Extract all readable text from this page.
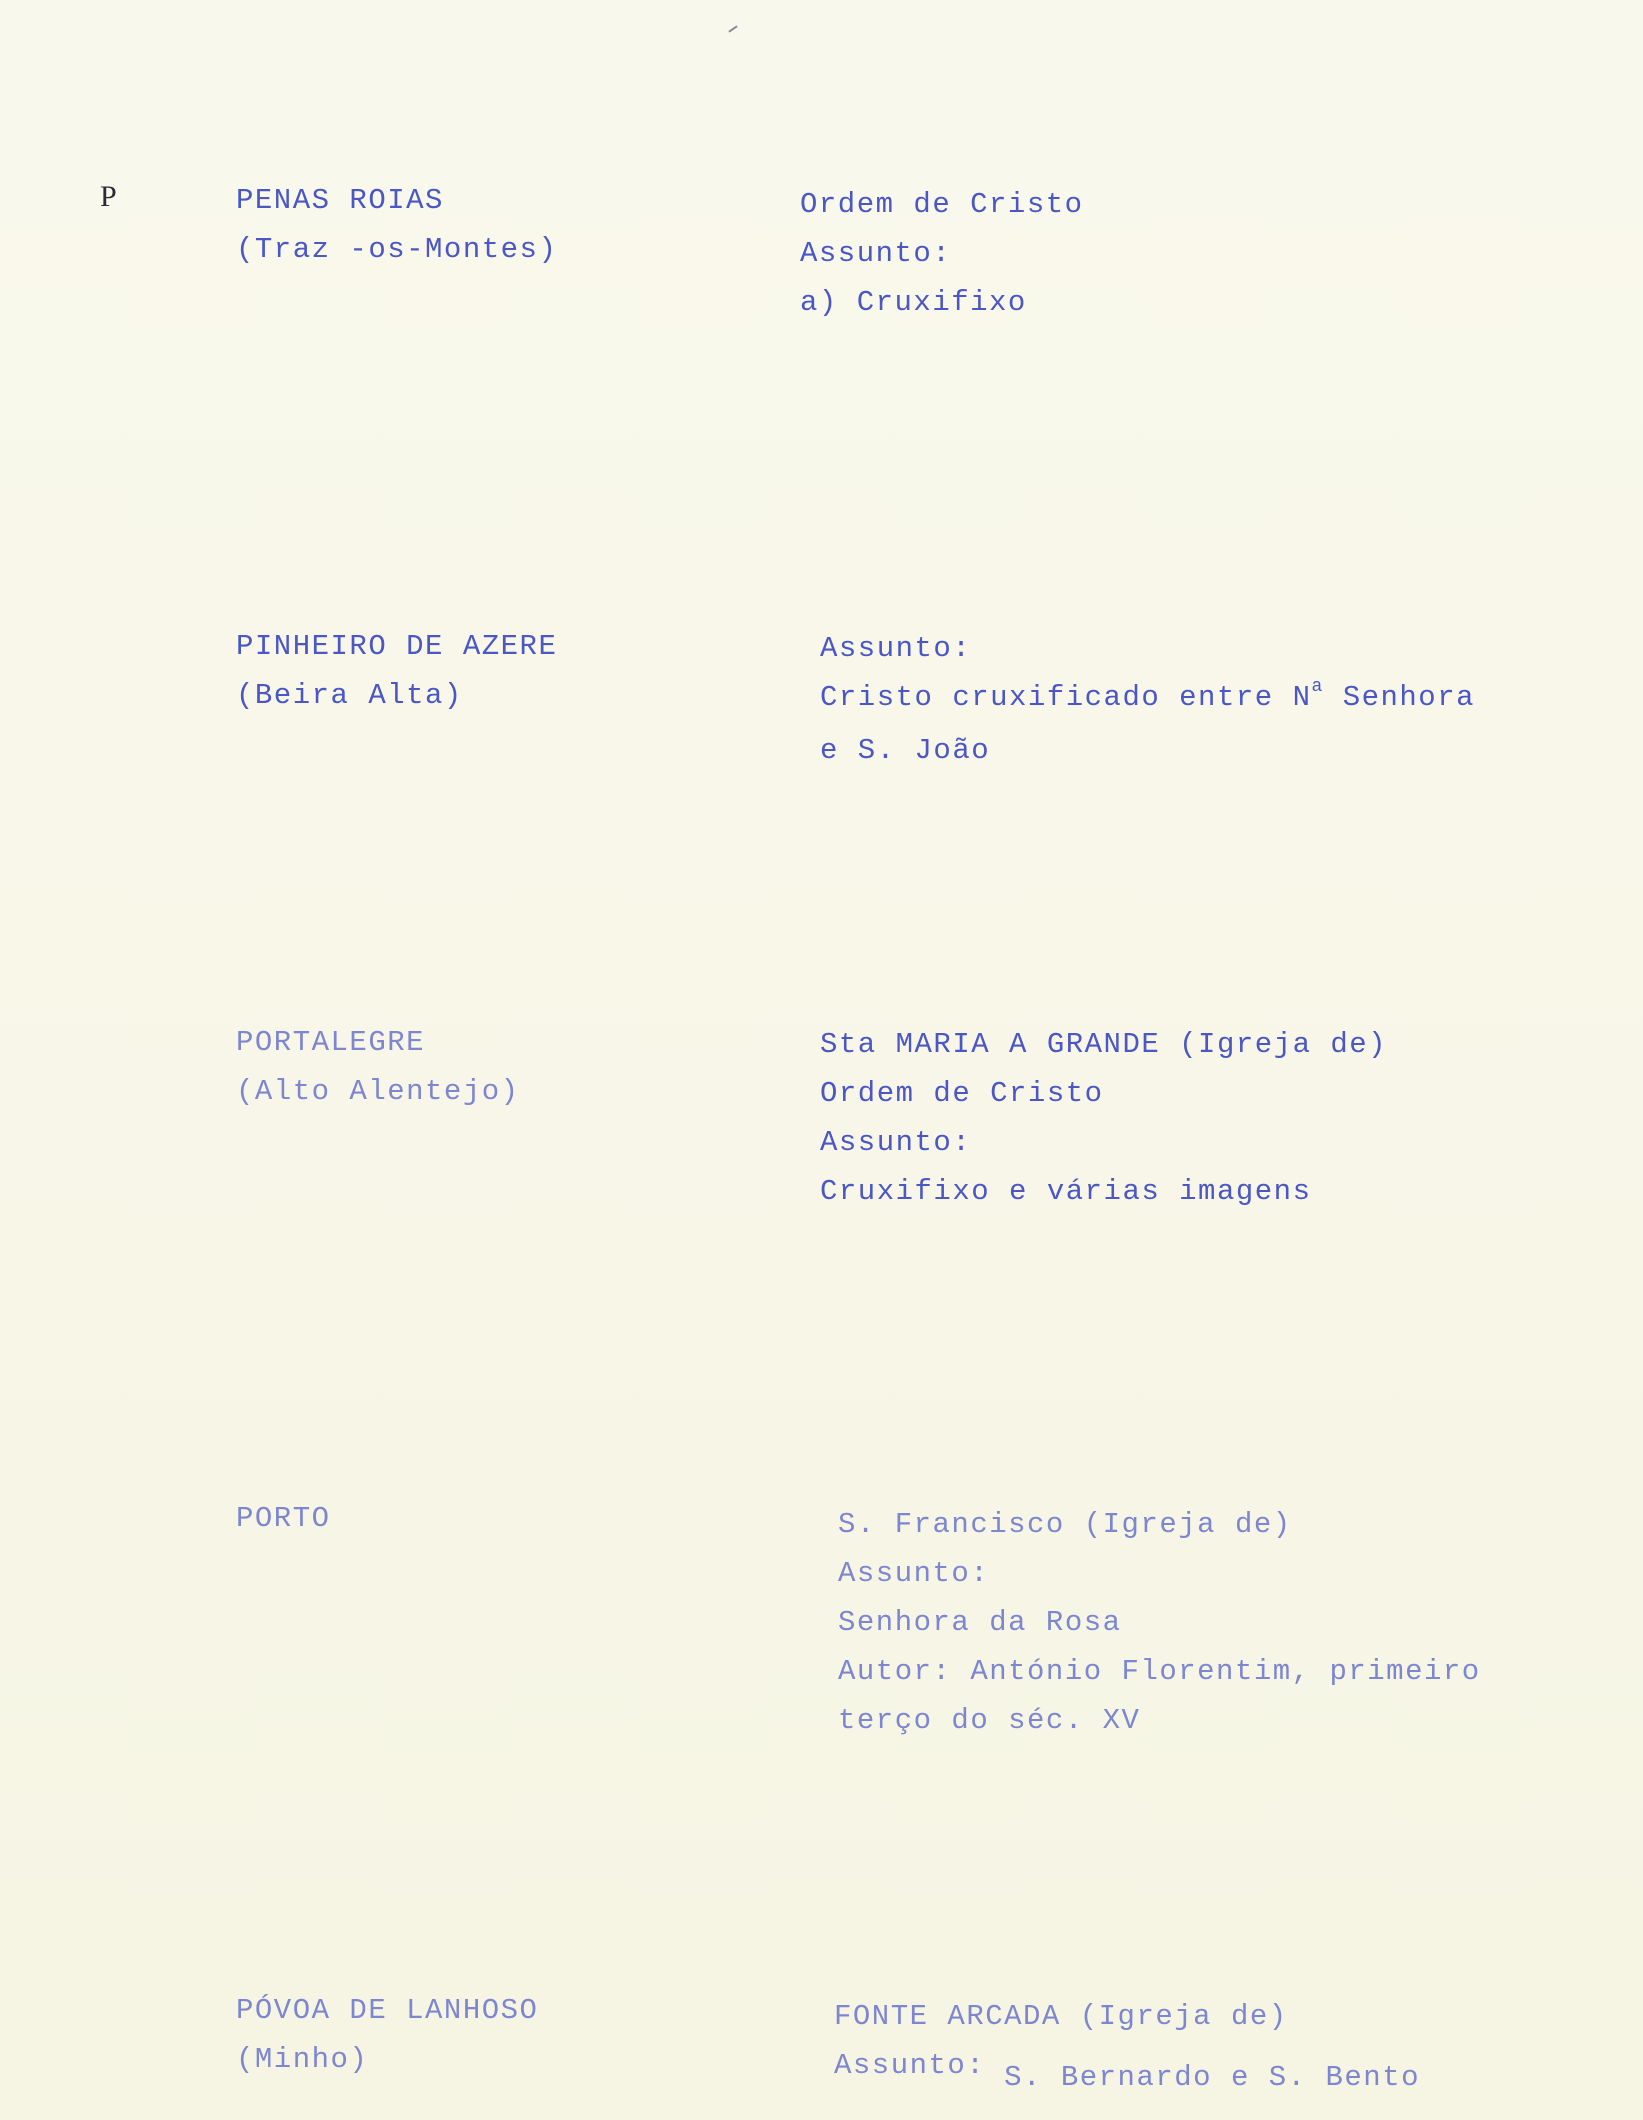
P	PENAS ROIAS
(Traz -os-Montes)
Ordem de Cristo
Assunto:
a) Cruxifixo
PINHEIRO DE AZERE
(Beira Alta)
Assunto:
Cristo cruxificado entre $N^a$ Senhora
e S. João
PORTALEGRE
(Alto Alentejo)
Sta MARIA A GRANDE (Igreja de)
Ordem de Cristo
Assunto:
Cruxifixo e várias imagens
PORTO	S. Francisco (Igreja de)
Assunto:
Senhora da Rosa
Autor: António Florentim, primeiro
terço do séc. XV
PÓVOA DE LANHOSO
(Minho)
FONTE ARCADA (Igreja de)
Assunto: S. Bernardo e S. Bento
